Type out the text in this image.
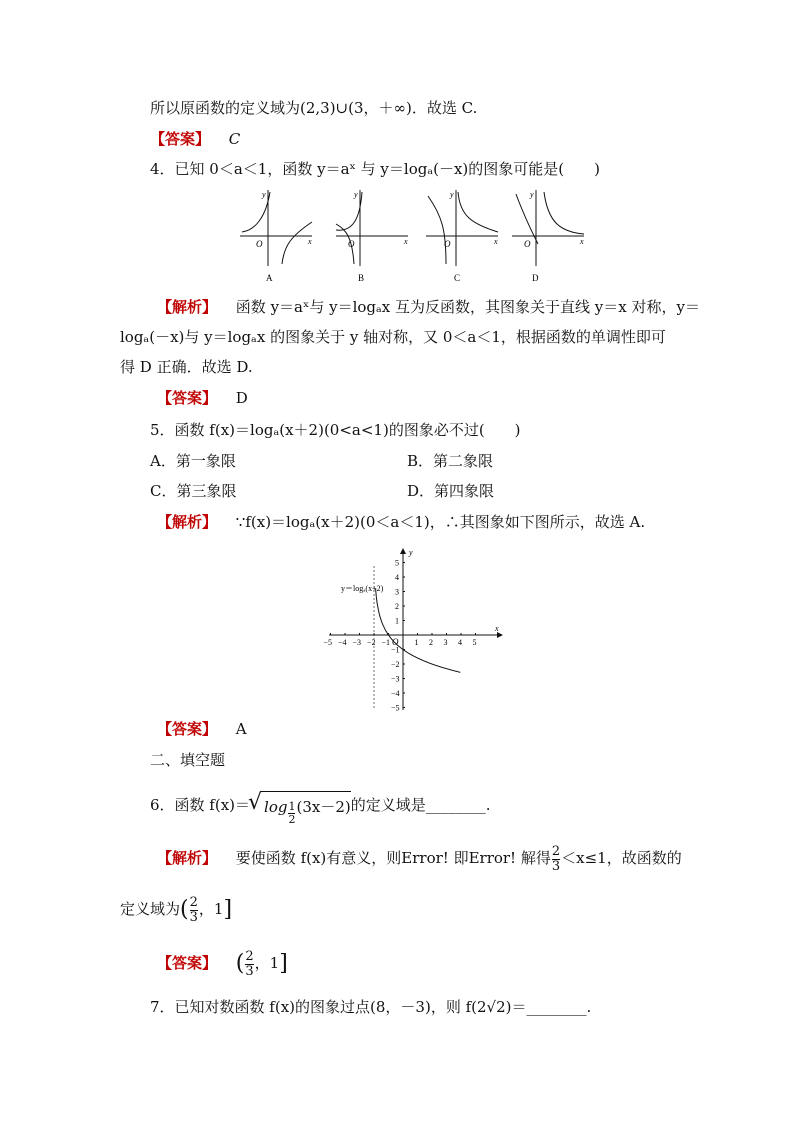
所以原函数的定义域为(2,3)∪(3，＋∞)．故选 C.
【答案】 C
4．已知 0＜a＜1，函数 y＝aˣ 与 y＝logₐ(－x)的图象可能是(　　)
O	x
y
A
O	x
y
B
O	x
y
C
O	x
y
D
【解析】 函数 y＝aˣ与 y＝logₐx 互为反函数，其图象关于直线 y＝x 对称，y＝
logₐ(－x)与 y＝logₐx 的图象关于 y 轴对称，又 0＜a＜1，根据函数的单调性即可
得 D 正确．故选 D.
【答案】 D
5．函数 f(x)＝logₐ(x＋2)(0<a<1)的图象必不过(　　)
A．第一象限	B．第二象限
C．第三象限	D．第四象限
【解析】 ∵f(x)＝logₐ(x＋2)(0＜a＜1)，∴其图象如下图所示，故选 A.
x
y
−5 −4 −3 −2 −1	1 2 3 4 5
5
4
3
2
1
−1
−2
−3
−4
−5
O
y＝logₐ(x+2)
【答案】 A
二、填空题
6．函数 f(x)＝
√ $\log \frac{1}{2} (3x-2)$的定义域是________.
【解析】 要使函数 f(x)有意义，则Error! 即Error! 解得 $\frac{2}{3} <x\le 1$，故函数的
定义域为( $\frac{2}{3}$ ，1]
【答案】 ( $\frac{2}{3}$ ，1]
7．已知对数函数 f(x)的图象过点(8，－3)，则 f(2√2)＝________.
